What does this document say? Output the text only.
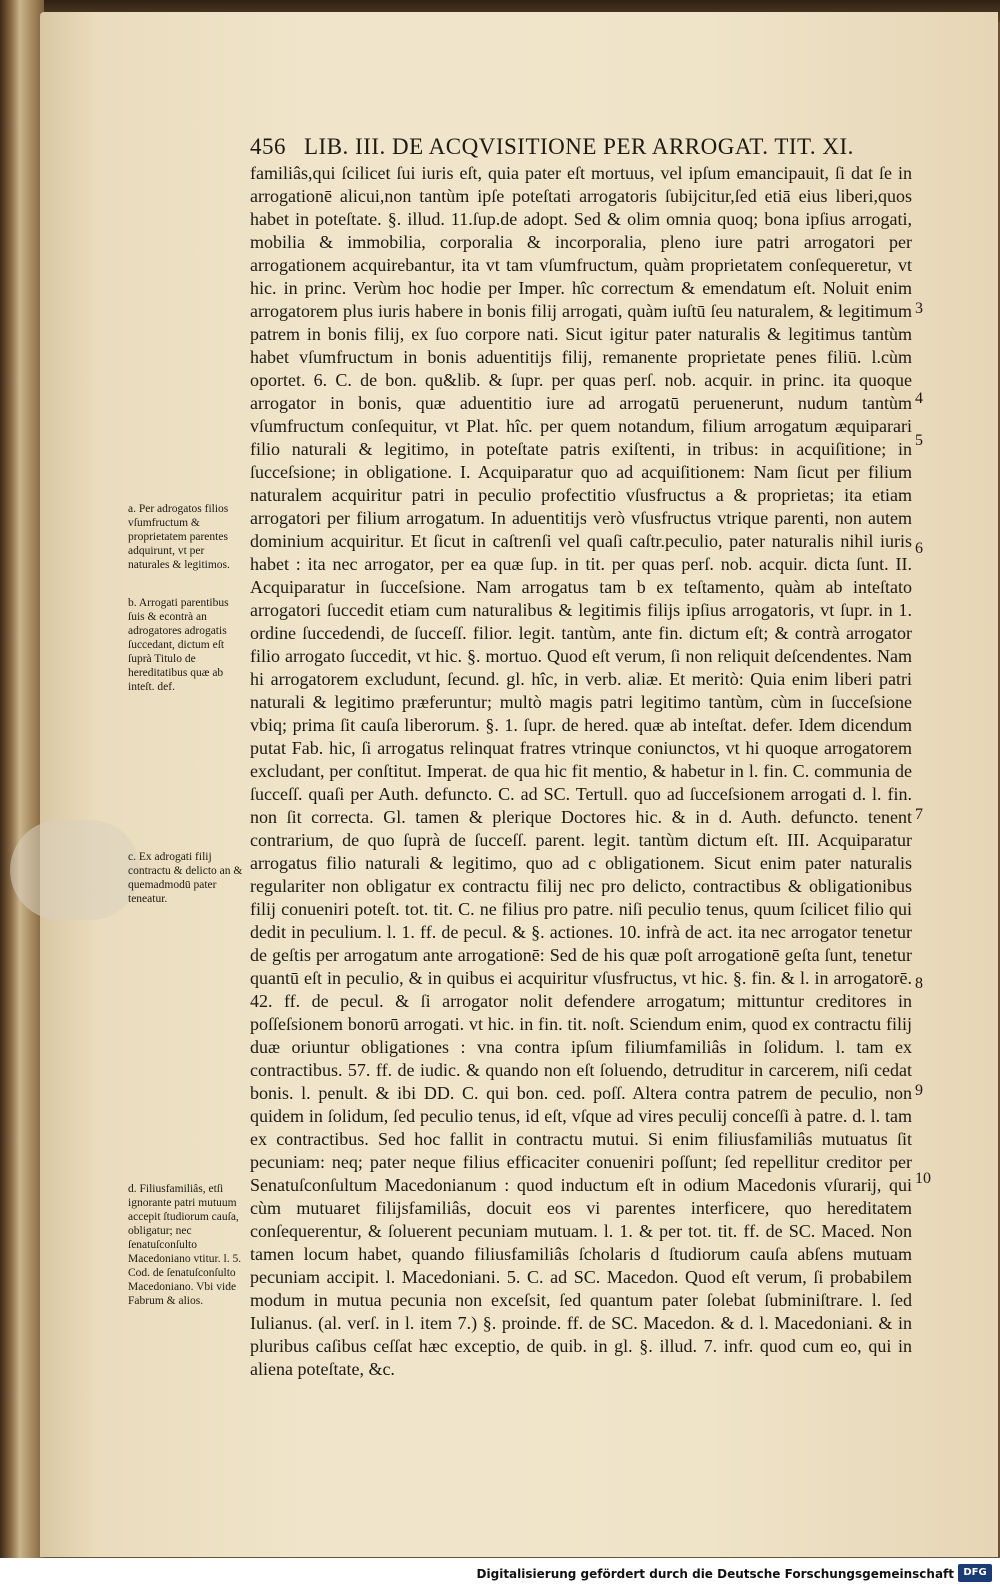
456 LIB. III. DE ACQVISITIONE PER ARROGAT. TIT. XI.

familiâs,qui ſcilicet ſui iuris eſt, quia pater eſt mortuus, vel ipſum emancipauit, ſi dat ſe in arrogationē alicui,non tantùm ipſe poteſtati arrogatoris ſubijcitur,ſed etiā eius liberi,quos habet in poteſtate. §. illud. 11.ſup.de adopt. Sed & olim omnia quoq; bona ipſius arrogati, mobilia & immobilia, corporalia & incorporalia, pleno iure patri arrogatori per arrogationem acquirebantur, ita vt tam vſumfructum, quàm proprietatem conſequeretur, vt hic. in princ. Verùm hoc hodie per Imper. hîc correctum & emendatum eſt. Noluit enim arrogatorem plus iuris habere in bonis filij arrogati, quàm iuſtū ſeu naturalem, & legitimum patrem in bonis filij, ex ſuo corpore nati. Sicut igitur pater naturalis & legitimus tantùm habet vſumfructum in bonis aduentitijs filij, remanente proprietate penes filiū. l.cùm oportet. 6. C. de bon. qu&lib. & ſupr. per quas perſ. nob. acquir. in princ. ita quoque arrogator in bonis, quæ aduentitio iure ad arrogatū peruenerunt, nudum tantùm vſumfructum conſequitur, vt Plat. hîc. per quem notandum, filium arrogatum æquiparari filio naturali & legitimo, in poteſtate patris exiſtenti, in tribus: in acquiſitione; in ſucceſsione; in obligatione. I. Acquiparatur quo ad acquiſitionem: Nam ſicut per filium naturalem acquiritur patri in peculio profectitio vſusfructus a & proprietas; ita etiam arrogatori per filium arrogatum. In aduentitijs verò vſusfructus vtrique parenti, non autem dominium acquiritur. Et ſicut in caſtrenſi vel quaſi caſtr.peculio, pater naturalis nihil iuris habet : ita nec arrogator, per ea quæ ſup. in tit. per quas perſ. nob. acquir. dicta ſunt. II. Acquiparatur in ſucceſsione. Nam arrogatus tam b ex teſtamento, quàm ab inteſtato arrogatori ſuccedit etiam cum naturalibus & legitimis filijs ipſius arrogatoris, vt ſupr. in 1. ordine ſuccedendi, de ſucceſſ. filior. legit. tantùm, ante fin. dictum eſt; & contrà arrogator filio arrogato ſuccedit, vt hic. §. mortuo. Quod eſt verum, ſi non reliquit deſcendentes. Nam hi arrogatorem excludunt, ſecund. gl. hîc, in verb. aliæ. Et meritò: Quia enim liberi patri naturali & legitimo præferuntur; multò magis patri legitimo tantùm, cùm in ſucceſsione vbiq; prima ſit cauſa liberorum. §. 1. ſupr. de hered. quæ ab inteſtat. defer. Idem dicendum putat Fab. hic, ſi arrogatus relinquat fratres vtrinque coniunctos, vt hi quoque arrogatorem excludant, per conſtitut. Imperat. de qua hic fit mentio, & habetur in l. fin. C. communia de ſucceſſ. quaſi per Auth. defuncto. C. ad SC. Tertull. quo ad ſucceſsionem arrogati d. l. fin. non ſit correcta. Gl. tamen & plerique Doctores hic. & in d. Auth. defuncto. tenent contrarium, de quo ſuprà de ſucceſſ. parent. legit. tantùm dictum eſt. III. Acquiparatur arrogatus filio naturali & legitimo, quo ad c obligationem. Sicut enim pater naturalis regulariter non obligatur ex contractu filij nec pro delicto, contractibus & obligationibus filij conueniri poteſt. tot. tit. C. ne filius pro patre. niſi peculio tenus, quum ſcilicet filio qui dedit in peculium. l. 1. ff. de pecul. & §. actiones. 10. infrà de act. ita nec arrogator tenetur de geſtis per arrogatum ante arrogationē: Sed de his quæ poſt arrogationē geſta ſunt, tenetur quantū eſt in peculio, & in quibus ei acquiritur vſusfructus, vt hic. §. fin. & l. in arrogatorē. 42. ff. de pecul. & ſi arrogator nolit defendere arrogatum; mittuntur creditores in poſſeſsionem bonorū arrogati. vt hic. in fin. tit. noſt. Sciendum enim, quod ex contractu filij duæ oriuntur obligationes : vna contra ipſum filiumfamiliâs in ſolidum. l. tam ex contractibus. 57. ff. de iudic. & quando non eſt ſoluendo, detruditur in carcerem, niſi cedat bonis. l. penult. & ibi DD. C. qui bon. ced. poſſ. Altera contra patrem de peculio, non quidem in ſolidum, ſed peculio tenus, id eſt, vſque ad vires peculij conceſſi à patre. d. l. tam ex contractibus. Sed hoc fallit in contractu mutui. Si enim filiusfamiliâs mutuatus ſit pecuniam: neq; pater neque filius efficaciter conueniri poſſunt; ſed repellitur creditor per Senatuſconſultum Macedonianum : quod inductum eſt in odium Macedonis vſurarij, qui cùm mutuaret filijsfamiliâs, docuit eos vi parentes interficere, quo hereditatem conſequerentur, & ſoluerent pecuniam mutuam. l. 1. & per tot. tit. ff. de SC. Maced. Non tamen locum habet, quando filiusfamiliâs ſcholaris d ſtudiorum cauſa abſens mutuam pecuniam accipit. l. Macedoniani. 5. C. ad SC. Macedon. Quod eſt verum, ſi probabilem modum in mutua pecunia non exceſsit, ſed quantum pater ſolebat ſubminiſtrare. l. ſed Iulianus. (al. verſ. in l. item 7.) §. proinde. ff. de SC. Macedon. & d. l. Macedoniani. & in pluribus caſibus ceſſat hæc exceptio, de quib. in gl. §. illud. 7. infr. quod cum eo, qui in aliena poteſtate, &c.

a. Per adrogatos filios vſumfructum & proprietatem parentes adquirunt, vt per naturales & legitimos.
b. Arrogati parentibus ſuis & econtrà an adrogatores adrogatis ſuccedant, dictum eſt ſuprà Titulo de hereditatibus quæ ab inteſt. def.
c. Ex adrogati filij contractu & delicto an & quemadmodū pater teneatur.
d. Filiusfamiliâs, etſi ignorante patri mutuum accepit ſtudiorum cauſa, obligatur; nec ſenatuſconſulto Macedoniano vtitur. l. 5. Cod. de ſenatuſconſulto Macedoniano. Vbi vide Fabrum & alios.
3
4
5
6
7
8
9
10
Digitalisierung gefördert durch die Deutsche Forschungsgemeinschaft DFG
